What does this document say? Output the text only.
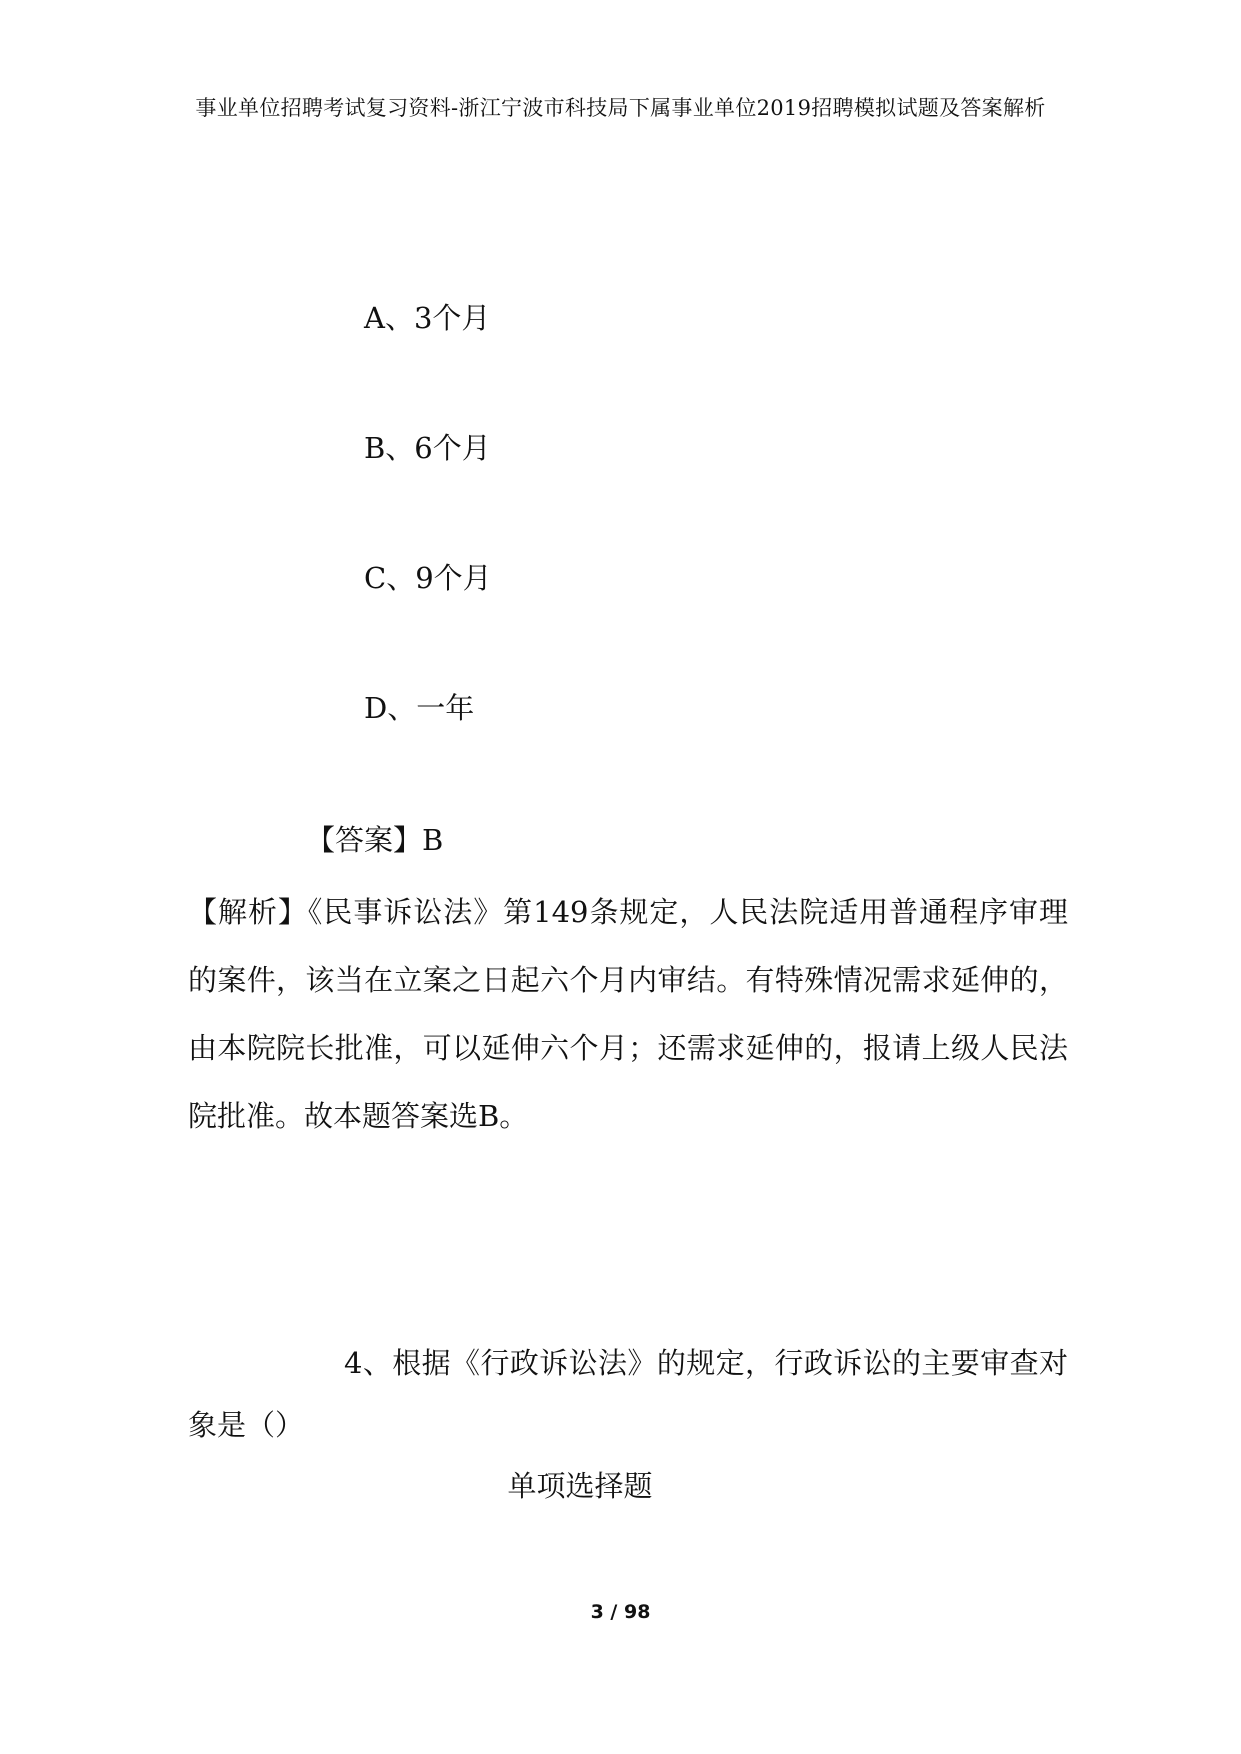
事业单位招聘考试复习资料-浙江宁波市科技局下属事业单位2019招聘模拟试题及答案解析
A、3个月
B、6个月
C、9个月
D、一年
【答案】B
【解析】《民事诉讼法》第149条规定，人民法院适用普通程序审理的案件，该当在立案之日起六个月内审结。有特殊情况需求延伸的，由本院院长批准，可以延伸六个月；还需求延伸的，报请上级人民法院批准。故本题答案选B。
4、根据《行政诉讼法》的规定，行政诉讼的主要审查对象是（）
单项选择题
3 / 98
